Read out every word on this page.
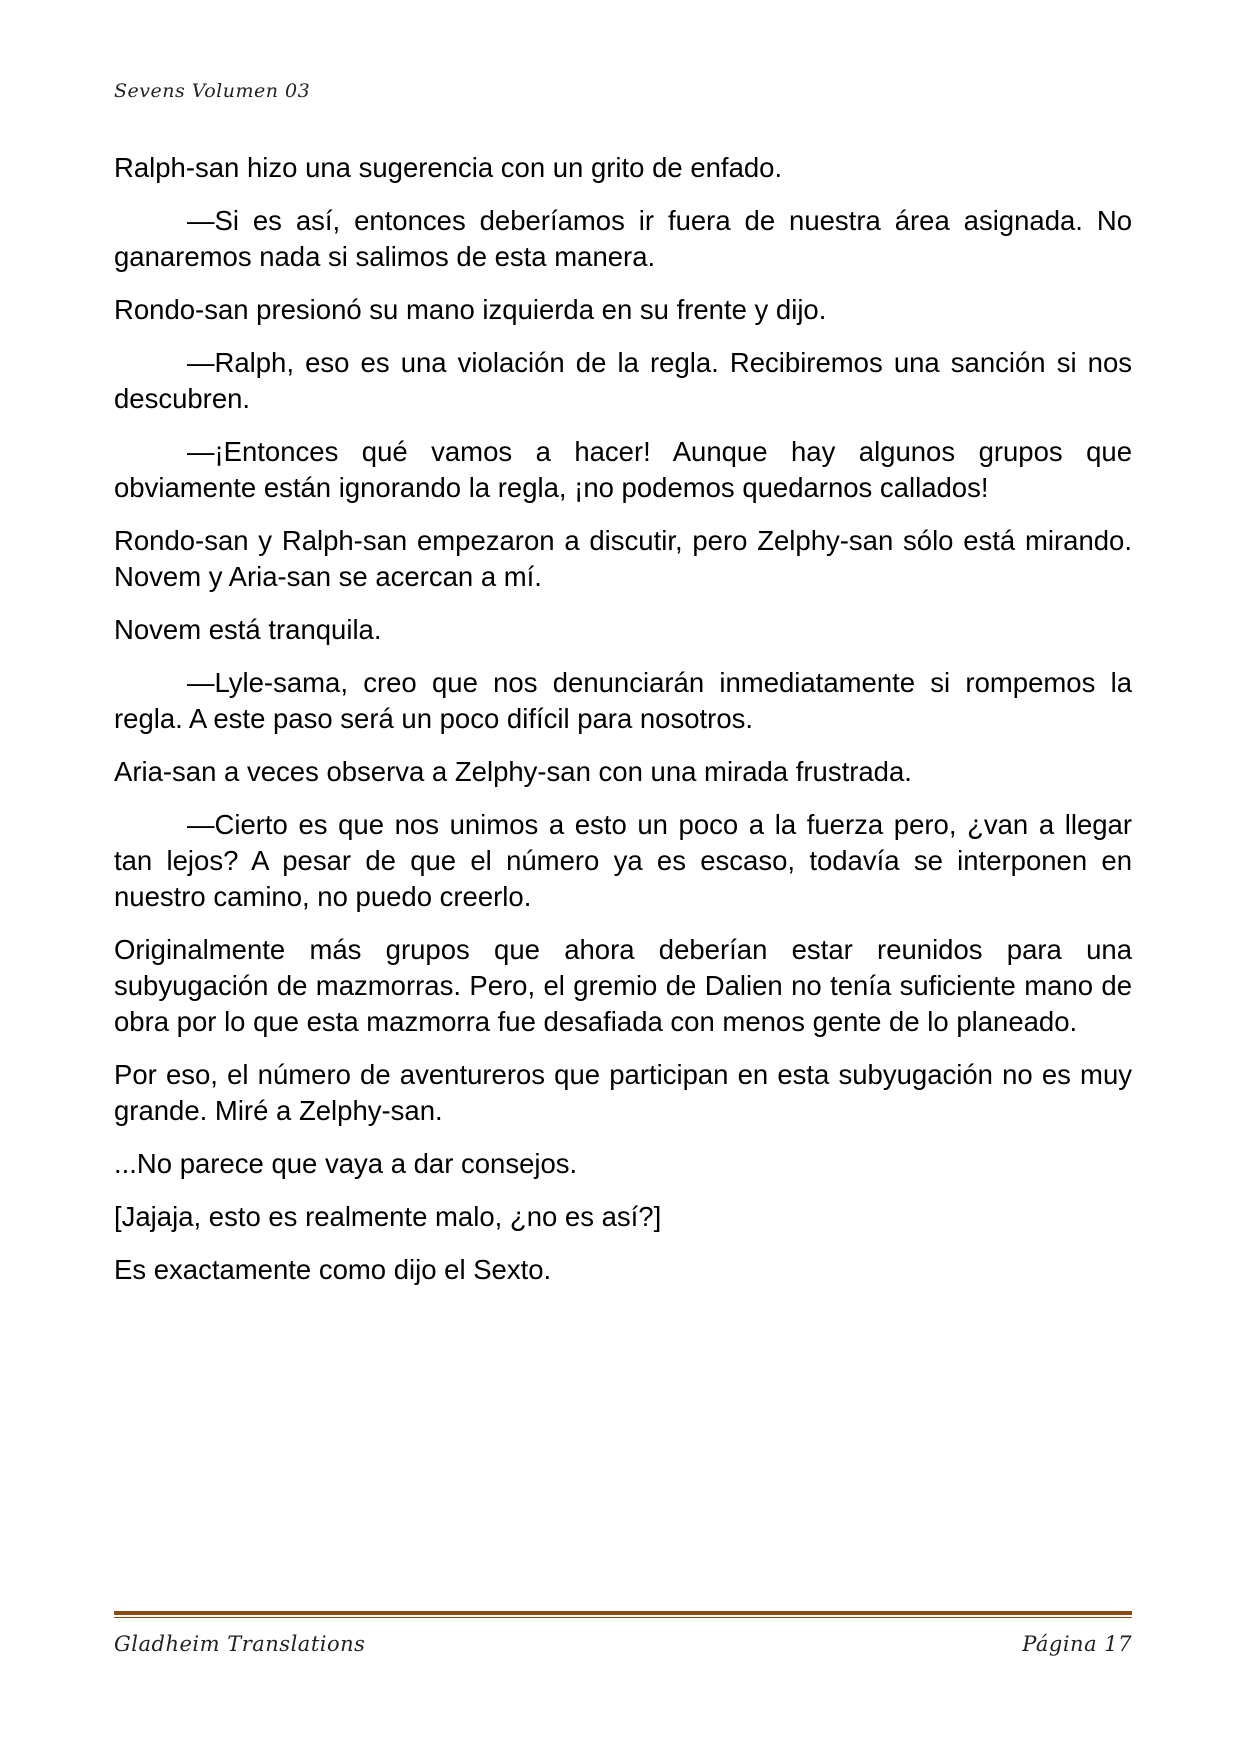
Sevens Volumen 03

Ralph-san hizo una sugerencia con un grito de enfado.

—Si es así, entonces deberíamos ir fuera de nuestra área asignada. No ganaremos nada si salimos de esta manera.

Rondo-san presionó su mano izquierda en su frente y dijo.

—Ralph, eso es una violación de la regla. Recibiremos una sanción si nos descubren.

—¡Entonces qué vamos a hacer! Aunque hay algunos grupos que obviamente están ignorando la regla, ¡no podemos quedarnos callados!

Rondo-san y Ralph-san empezaron a discutir, pero Zelphy-san sólo está mirando. Novem y Aria-san se acercan a mí.

Novem está tranquila.

—Lyle-sama, creo que nos denunciarán inmediatamente si rompemos la regla. A este paso será un poco difícil para nosotros.

Aria-san a veces observa a Zelphy-san con una mirada frustrada.

—Cierto es que nos unimos a esto un poco a la fuerza pero, ¿van a llegar tan lejos? A pesar de que el número ya es escaso, todavía se interponen en nuestro camino, no puedo creerlo.

Originalmente más grupos que ahora deberían estar reunidos para una subyugación de mazmorras. Pero, el gremio de Dalien no tenía suficiente mano de obra por lo que esta mazmorra fue desafiada con menos gente de lo planeado.

Por eso, el número de aventureros que participan en esta subyugación no es muy grande. Miré a Zelphy-san.

...No parece que vaya a dar consejos.

[Jajaja, esto es realmente malo, ¿no es así?]

Es exactamente como dijo el Sexto.

Gladheim Translations	Página 17
